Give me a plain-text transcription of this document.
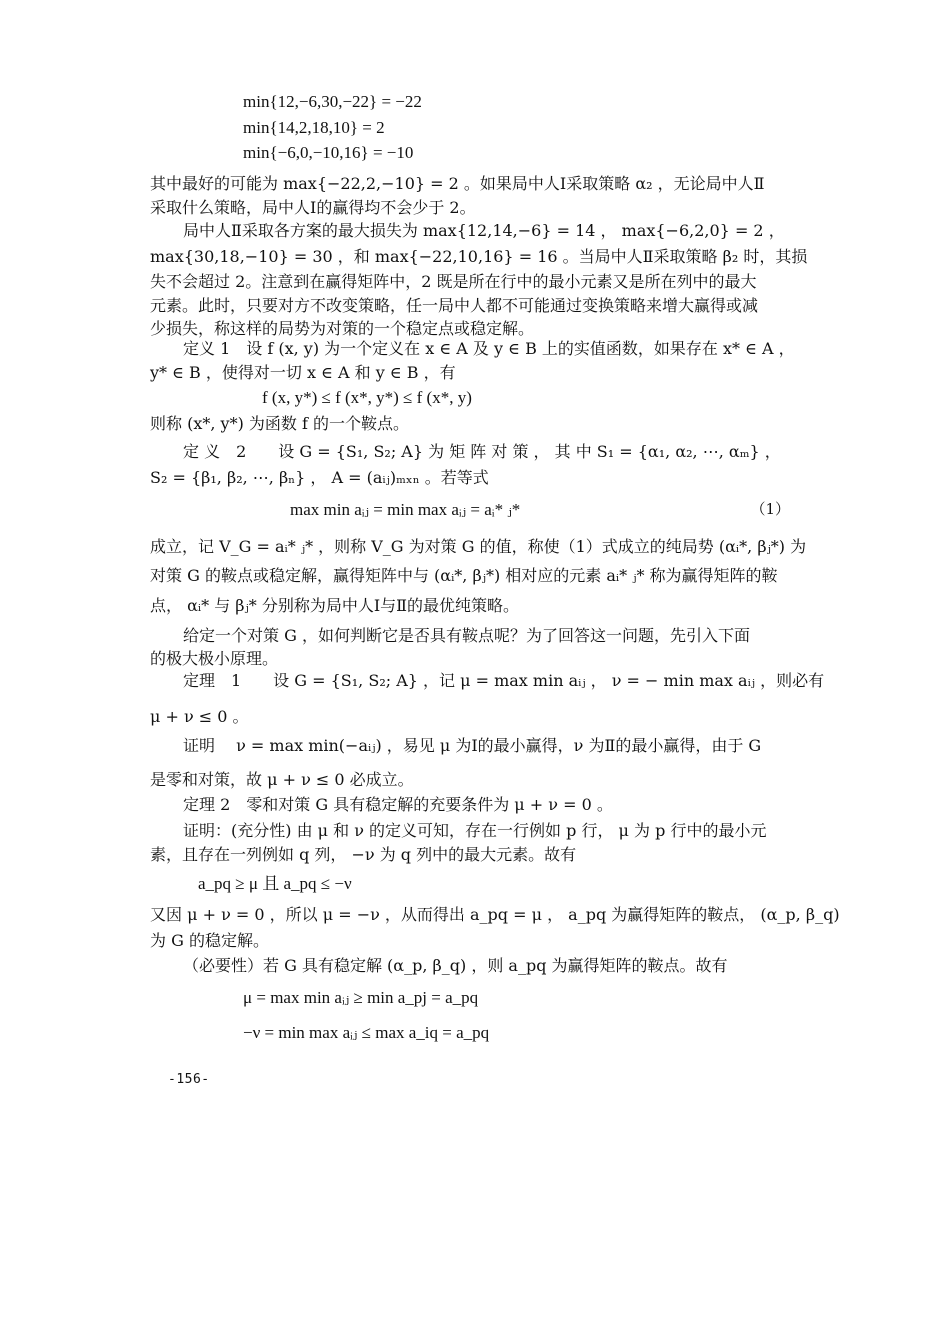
min{12,−6,30,−22} = −22
min{14,2,18,10} = 2
min{−6,0,−10,16} = −10
其中最好的可能为 max{−22,2,−10} = 2 。如果局中人Ⅰ采取策略 α₂ ，无论局中人Ⅱ
采取什么策略，局中人Ⅰ的赢得均不会少于 2。
局中人Ⅱ采取各方案的最大损失为 max{12,14,−6} = 14 ， max{−6,2,0} = 2 ，
max{30,18,−10} = 30 ，和 max{−22,10,16} = 16 。当局中人Ⅱ采取策略 β₂ 时，其损
失不会超过 2。注意到在赢得矩阵中，2 既是所在行中的最小元素又是所在列中的最大
元素。此时，只要对方不改变策略，任一局中人都不可能通过变换策略来增大赢得或减
少损失，称这样的局势为对策的一个稳定点或稳定解。
定义 1　设 f (x, y) 为一个定义在 x ∈ A 及 y ∈ B 上的实值函数，如果存在 x* ∈ A ，
y* ∈ B ，使得对一切 x ∈ A 和 y ∈ B ，有
f (x, y*) ≤ f (x*, y*) ≤ f (x*, y)
则称 (x*, y*) 为函数 f 的一个鞍点。
定 义　2　　设 G = {S₁, S₂; A} 为 矩 阵 对 策 ， 其 中 S₁ = {α₁, α₂, ⋯, αₘ} ，
S₂ = {β₁, β₂, ⋯, βₙ} ， A = (aᵢⱼ)ₘₓₙ 。若等式
max min aᵢⱼ = min max aᵢⱼ = aᵢ* ⱼ*	（1）
成立，记 V_G = aᵢ* ⱼ* ，则称 V_G 为对策 G 的值，称使（1）式成立的纯局势 (αᵢ*, βⱼ*) 为
对策 G 的鞍点或稳定解，赢得矩阵中与 (αᵢ*, βⱼ*) 相对应的元素 aᵢ* ⱼ* 称为赢得矩阵的鞍
点， αᵢ* 与 βⱼ* 分别称为局中人Ⅰ与Ⅱ的最优纯策略。
给定一个对策 G ，如何判断它是否具有鞍点呢？为了回答这一问题，先引入下面
的极大极小原理。
定理　1　　设 G = {S₁, S₂; A} ，记 μ = max min aᵢⱼ ， ν = − min max aᵢⱼ ，则必有
μ + ν ≤ 0 。
证明　 ν = max min(−aᵢⱼ) ，易见 μ 为Ⅰ的最小赢得，ν 为Ⅱ的最小赢得，由于 G
是零和对策，故 μ + ν ≤ 0 必成立。
定理 2　零和对策 G 具有稳定解的充要条件为 μ + ν = 0 。
证明：(充分性) 由 μ 和 ν 的定义可知，存在一行例如 p 行， μ 为 p 行中的最小元
素，且存在一列例如 q 列， −ν 为 q 列中的最大元素。故有
a_pq ≥ μ 且 a_pq ≤ −ν
又因 μ + ν = 0 ，所以 μ = −ν ，从而得出 a_pq = μ ， a_pq 为赢得矩阵的鞍点， (α_p, β_q)
为 G 的稳定解。
（必要性）若 G 具有稳定解 (α_p, β_q) ，则 a_pq 为赢得矩阵的鞍点。故有
μ = max min aᵢⱼ ≥ min a_pj = a_pq
−ν = min max aᵢⱼ ≤ max a_iq = a_pq
-156-
